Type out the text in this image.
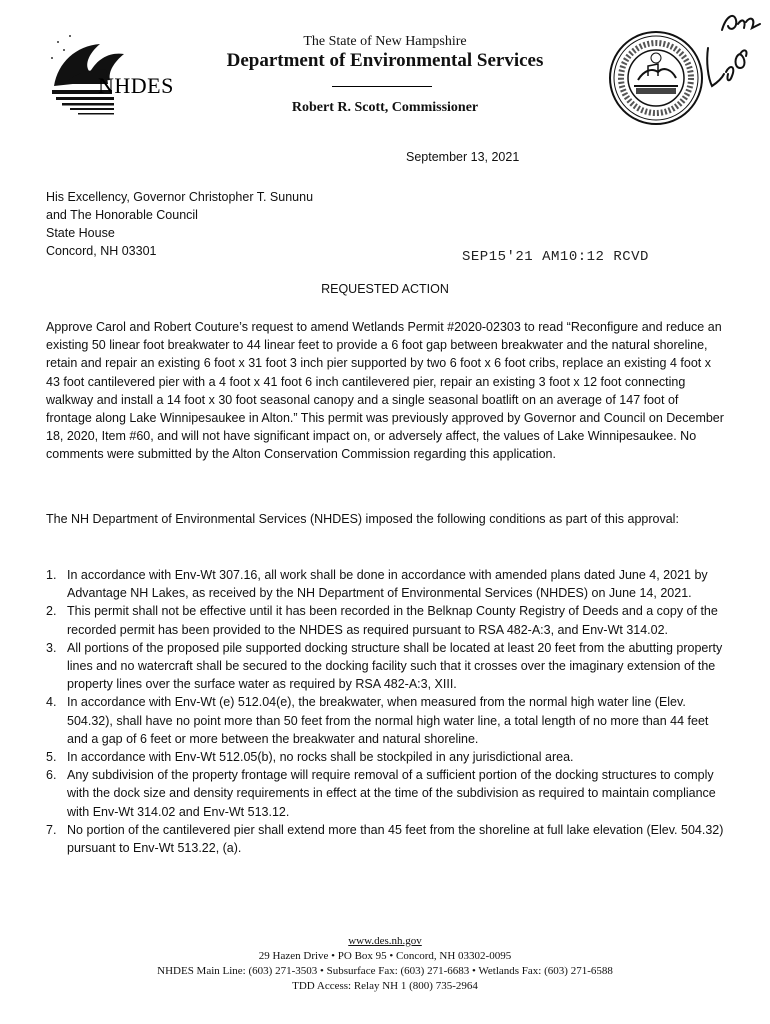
NHDES
The State of New Hampshire
Department of Environmental Services
Robert R. Scott, Commissioner
September 13, 2021
His Excellency, Governor Christopher T. Sununu
and The Honorable Council
State House
Concord, NH 03301	SEP15'21 AM10:12 RCVD
REQUESTED ACTION
Approve Carol and Robert Couture’s request to amend Wetlands Permit #2020-02303 to read “Reconfigure and reduce an existing 50 linear foot breakwater to 44 linear feet to provide a 6 foot gap between breakwater and the natural shoreline, retain and repair an existing 6 foot x 31 foot 3 inch pier supported by two 6 foot x 6 foot cribs, replace an existing 4 foot x 43 foot cantilevered pier with a 4 foot x 41 foot 6 inch cantilevered pier, repair an existing 3 foot x 12 foot connecting walkway and install a 14 foot x 30 foot seasonal canopy and a single seasonal boatlift on an average of 147 foot of frontage along Lake Winnipesaukee in Alton.” This permit was previously approved by Governor and Council on December 18, 2020, Item #60, and will not have significant impact on, or adversely affect, the values of Lake Winnipesaukee. No comments were submitted by the Alton Conservation Commission regarding this application.
The NH Department of Environmental Services (NHDES) imposed the following conditions as part of this approval:
1. In accordance with Env-Wt 307.16, all work shall be done in accordance with amended plans dated June 4, 2021 by Advantage NH Lakes, as received by the NH Department of Environmental Services (NHDES) on June 14, 2021.
2. This permit shall not be effective until it has been recorded in the Belknap County Registry of Deeds and a copy of the recorded permit has been provided to the NHDES as required pursuant to RSA 482-A:3, and Env-Wt 314.02.
3. All portions of the proposed pile supported docking structure shall be located at least 20 feet from the abutting property lines and no watercraft shall be secured to the docking facility such that it crosses over the imaginary extension of the property lines over the surface water as required by RSA 482-A:3, XIII.
4. In accordance with Env-Wt (e) 512.04(e), the breakwater, when measured from the normal high water line (Elev. 504.32), shall have no point more than 50 feet from the normal high water line, a total length of no more than 44 feet and a gap of 6 feet or more between the breakwater and natural shoreline.
5. In accordance with Env-Wt 512.05(b), no rocks shall be stockpiled in any jurisdictional area.
6. Any subdivision of the property frontage will require removal of a sufficient portion of the docking structures to comply with the dock size and density requirements in effect at the time of the subdivision as required to maintain compliance with Env-Wt 314.02 and Env-Wt 513.12.
7. No portion of the cantilevered pier shall extend more than 45 feet from the shoreline at full lake elevation (Elev. 504.32) pursuant to Env-Wt 513.22, (a).
www.des.nh.gov
29 Hazen Drive • PO Box 95 • Concord, NH 03302-0095
NHDES Main Line: (603) 271-3503 • Subsurface Fax: (603) 271-6683 • Wetlands Fax: (603) 271-6588
TDD Access: Relay NH 1 (800) 735-2964
